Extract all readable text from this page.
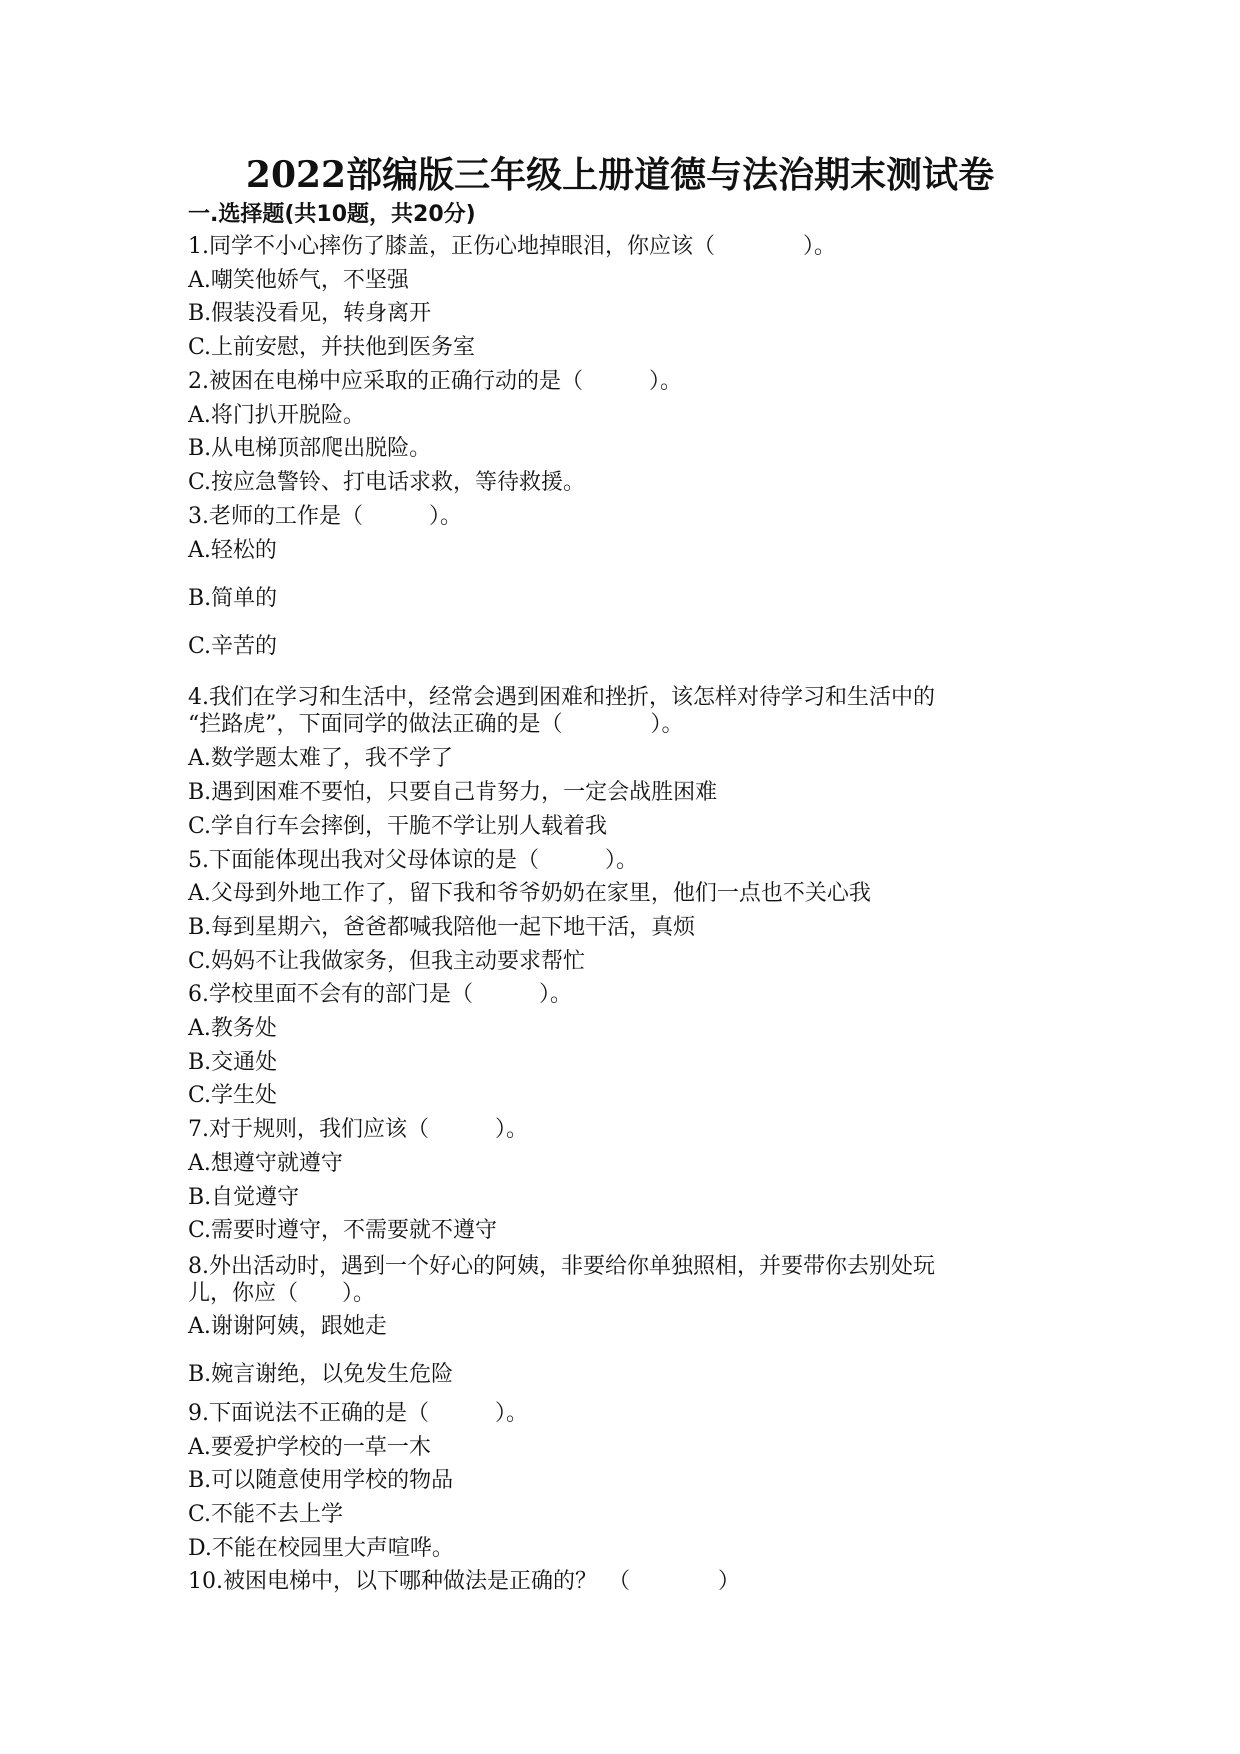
2022部编版三年级上册道德与法治期末测试卷
一.选择题(共10题，共20分)
1.同学不小心摔伤了膝盖，正伤心地掉眼泪，你应该（　　　　）。
A.嘲笑他娇气，不坚强
B.假装没看见，转身离开
C.上前安慰，并扶他到医务室
2.被困在电梯中应采取的正确行动的是（　　　）。
A.将门扒开脱险。
B.从电梯顶部爬出脱险。
C.按应急警铃、打电话求救，等待救援。
3.老师的工作是（　　　）。
A.轻松的
B.简单的
C.辛苦的
4.我们在学习和生活中，经常会遇到困难和挫折，该怎样对待学习和生活中的
“拦路虎”，下面同学的做法正确的是（　　　　）。
A.数学题太难了，我不学了
B.遇到困难不要怕，只要自己肯努力，一定会战胜困难
C.学自行车会摔倒，干脆不学让别人载着我
5.下面能体现出我对父母体谅的是（　　　）。
A.父母到外地工作了，留下我和爷爷奶奶在家里，他们一点也不关心我
B.每到星期六，爸爸都喊我陪他一起下地干活，真烦
C.妈妈不让我做家务，但我主动要求帮忙
6.学校里面不会有的部门是（　　　）。
A.教务处
B.交通处
C.学生处
7.对于规则，我们应该（　　　）。
A.想遵守就遵守
B.自觉遵守
C.需要时遵守，不需要就不遵守
8.外出活动时，遇到一个好心的阿姨，非要给你单独照相，并要带你去别处玩
儿，你应（　　）。
A.谢谢阿姨，跟她走
B.婉言谢绝，以免发生危险
9.下面说法不正确的是（　　　）。
A.要爱护学校的一草一木
B.可以随意使用学校的物品
C.不能不去上学
D.不能在校园里大声喧哗。
10.被困电梯中，以下哪种做法是正确的？　（　　　　）
